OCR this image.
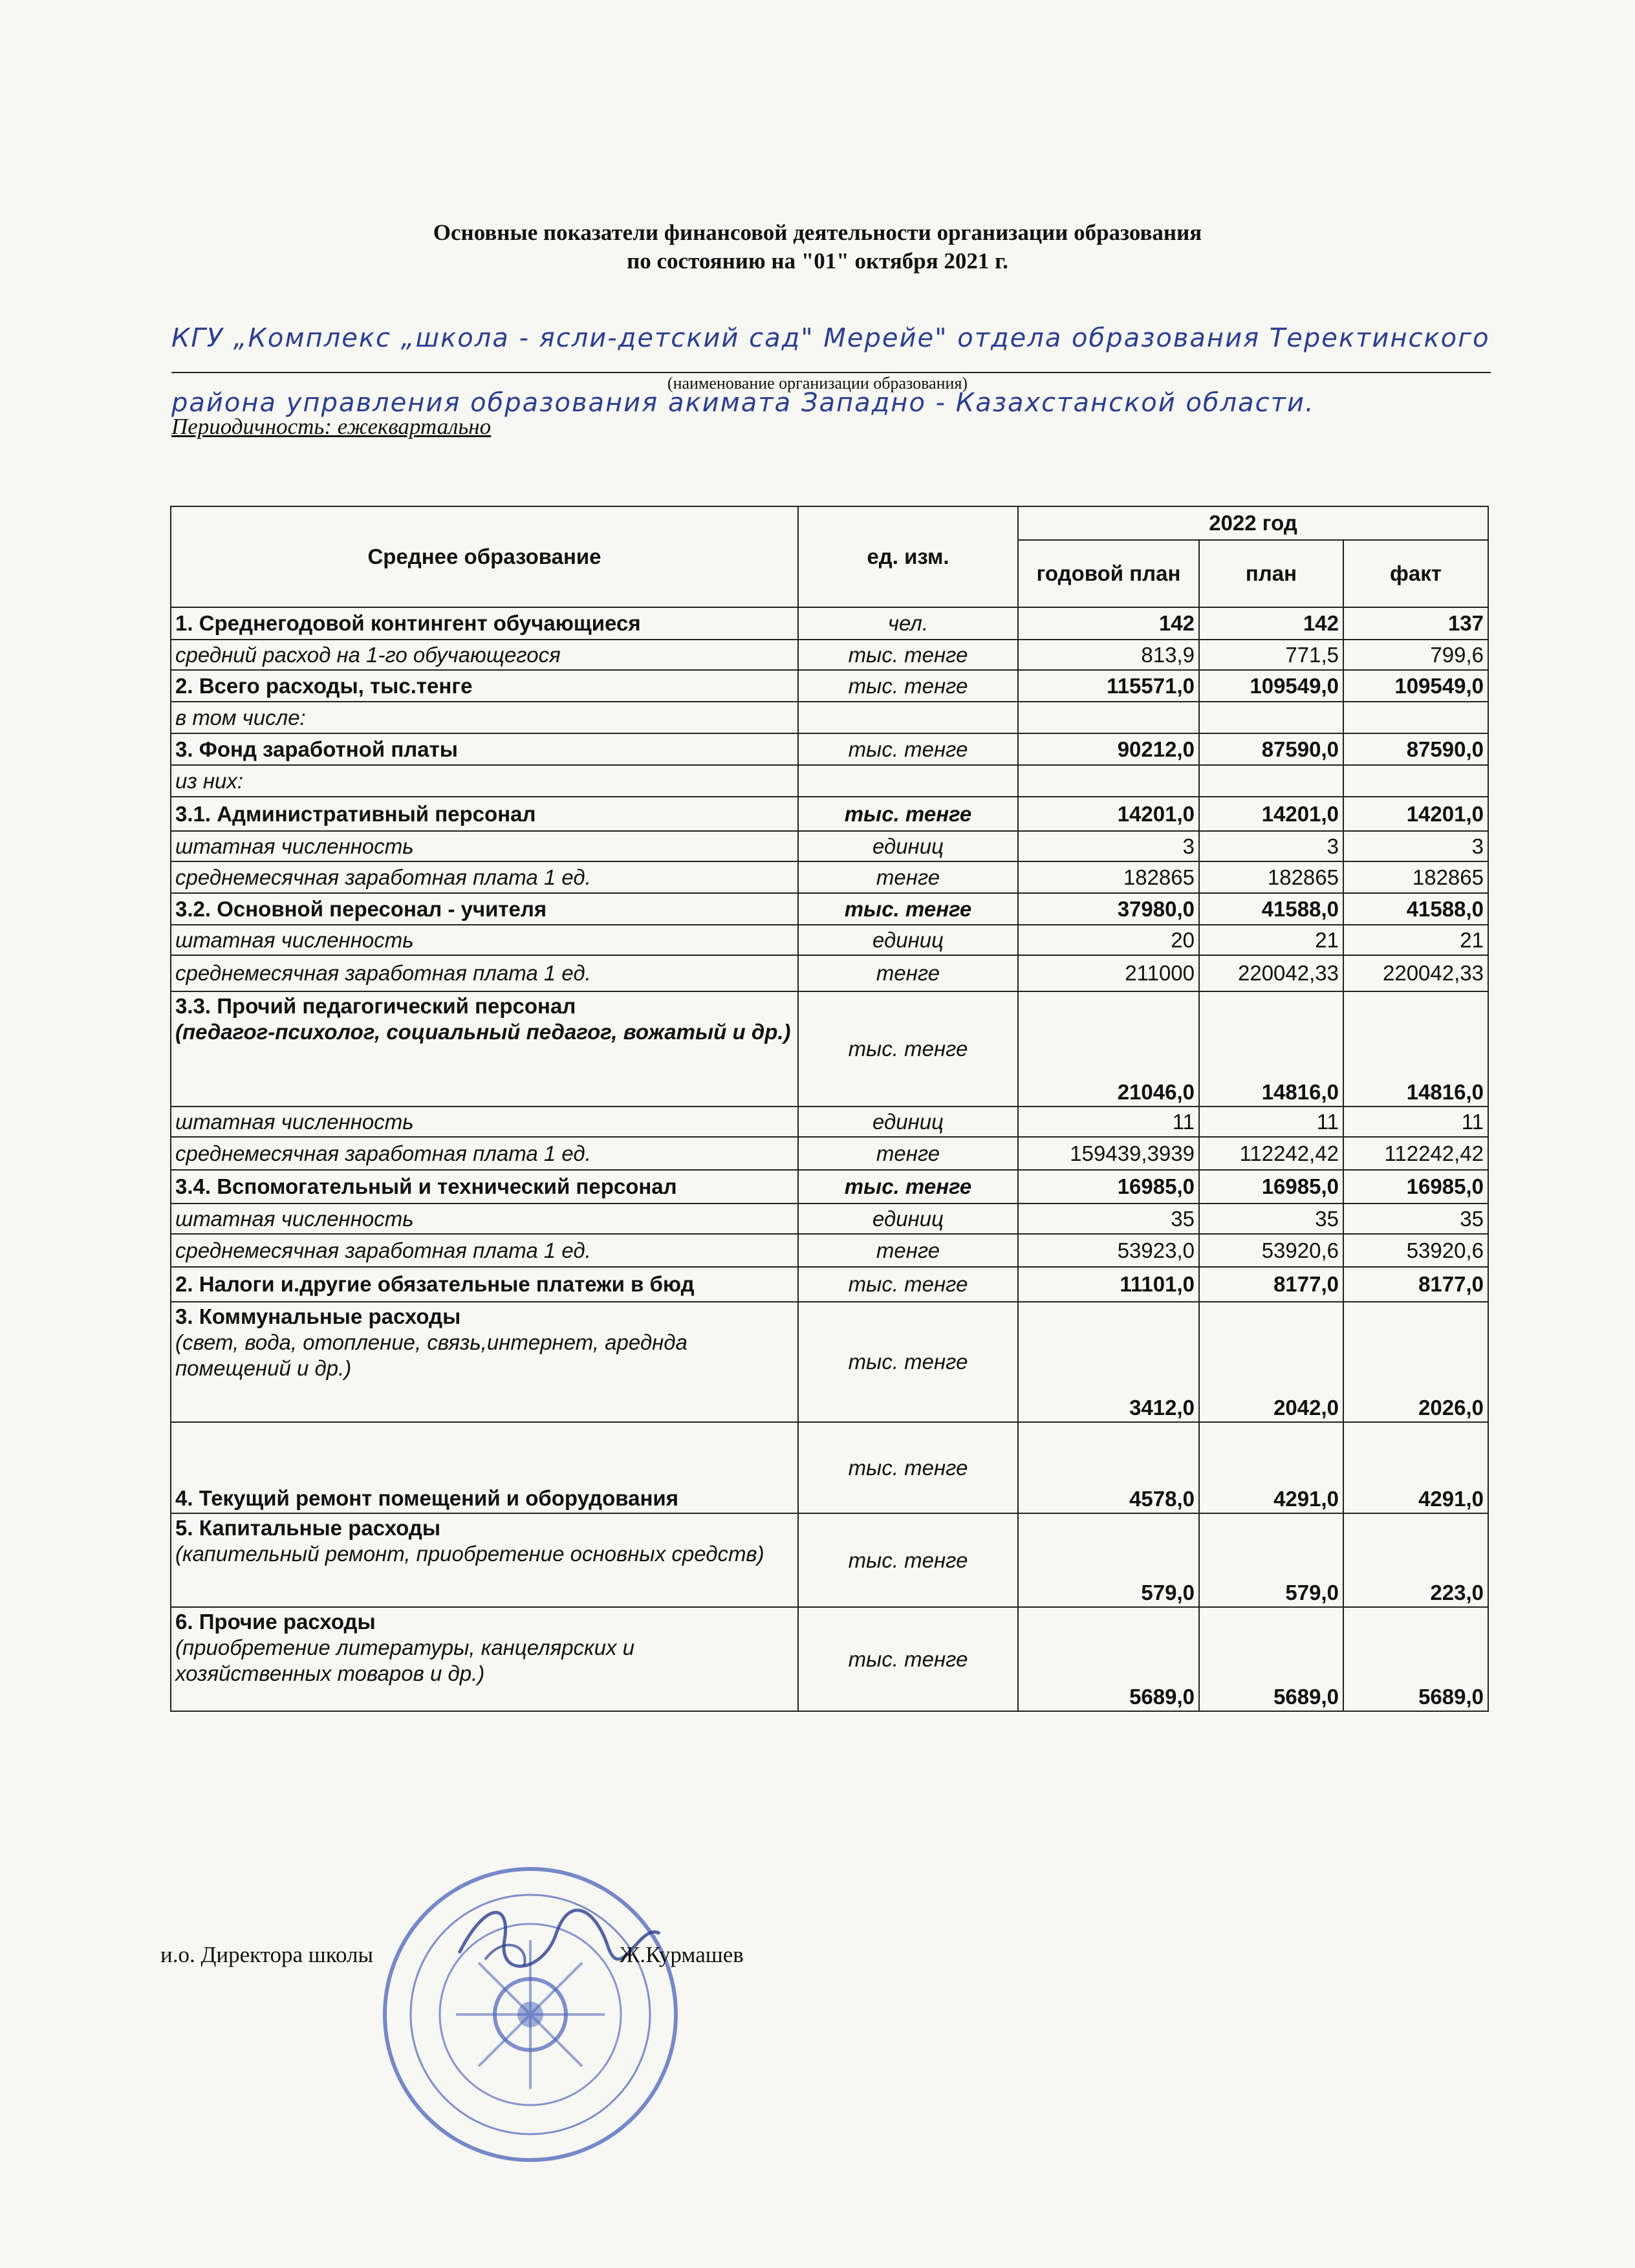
Основные показатели финансовой деятельности организации образования
по состоянию на "01" октября 2021 г.
КГУ „Комплекс „школа - ясли-детский сад" Мерейе" отдела образования Теректинского
(наименование организации образования)
района управления образования акимата Западно - Казахстанской области.
Периодичность: ежеквартально
Среднее образование	ед. изм.	2022 год		
		годовой план	план	факт
1. Среднегодовой контингент обучающиеся	чел.	142	142	137
средний расход на 1-го обучающегося	тыс. тенге	813,9	771,5	799,6
2. Всего расходы, тыс.тенге	тыс. тенге	115571,0	109549,0	109549,0
в том числе:				
3. Фонд заработной платы	тыс. тенге	90212,0	87590,0	87590,0
из них:				
3.1. Административный персонал	тыс. тенге	14201,0	14201,0	14201,0
штатная численность	единиц	3	3	3
среднемесячная заработная плата 1 ед.	тенге	182865	182865	182865
3.2. Основной пересонал - учителя	тыс. тенге	37980,0	41588,0	41588,0
штатная численность	единиц	20	21	21
среднемесячная заработная плата 1 ед.	тенге	211000	220042,33	220042,33
3.3. Прочий педагогический персонал
(педагог-психолог, социальный педагог, вожатый и др.)	тыс. тенге	21046,0	14816,0	14816,0
штатная численность	единиц	11	11	11
среднемесячная заработная плата 1 ед.	тенге	159439,3939	112242,42	112242,42
3.4. Вспомогательный и технический персонал	тыс. тенге	16985,0	16985,0	16985,0
штатная численность	единиц	35	35	35
среднемесячная заработная плата 1 ед.	тенге	53923,0	53920,6	53920,6
2. Налоги и.другие обязательные платежи в бюд	тыс. тенге	11101,0	8177,0	8177,0
3. Коммунальные расходы
(свет, вода, отопление, связь,интернет, ареднда помещений и др.)	тыс. тенге	3412,0	2042,0	2026,0
4. Текущий ремонт помещений и оборудования	тыс. тенге	4578,0	4291,0	4291,0
5. Капитальные расходы
(капительный ремонт, приобретение основных средств)	тыс. тенге	579,0	579,0	223,0
6. Прочие расходы
(приобретение литературы, канцелярских и хозяйственных товаров и др.)	тыс. тенге	5689,0	5689,0	5689,0
и.о. Директора школы	Ж.Курмашев
